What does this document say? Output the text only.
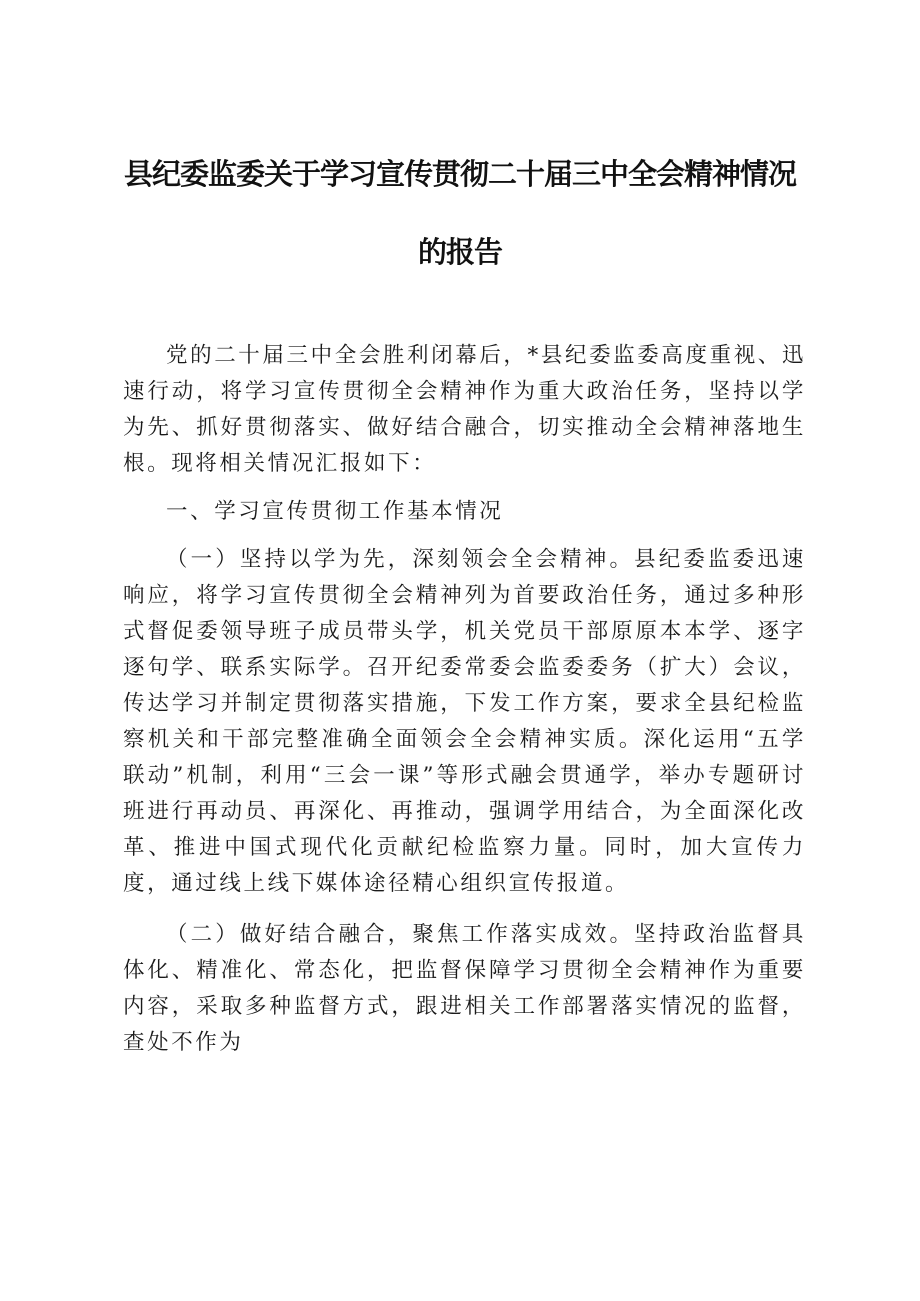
县纪委监委关于学习宣传贯彻二十届三中全会精神情况
的报告

党的二十届三中全会胜利闭幕后，*县纪委监委高度重视、迅速行动，将学习宣传贯彻全会精神作为重大政治任务，坚持以学为先、抓好贯彻落实、做好结合融合，切实推动全会精神落地生根。现将相关情况汇报如下：

一、学习宣传贯彻工作基本情况

（一）坚持以学为先，深刻领会全会精神。县纪委监委迅速响应，将学习宣传贯彻全会精神列为首要政治任务，通过多种形式督促委领导班子成员带头学，机关党员干部原原本本学、逐字逐句学、联系实际学。召开纪委常委会监委委务（扩大）会议，传达学习并制定贯彻落实措施，下发工作方案，要求全县纪检监察机关和干部完整准确全面领会全会精神实质。深化运用“五学联动”机制，利用“三会一课”等形式融会贯通学，举办专题研讨班进行再动员、再深化、再推动，强调学用结合，为全面深化改革、推进中国式现代化贡献纪检监察力量。同时，加大宣传力度，通过线上线下媒体途径精心组织宣传报道。

（二）做好结合融合，聚焦工作落实成效。坚持政治监督具体化、精准化、常态化，把监督保障学习贯彻全会精神作为重要内容，采取多种监督方式，跟进相关工作部署落实情况的监督，查处不作为
